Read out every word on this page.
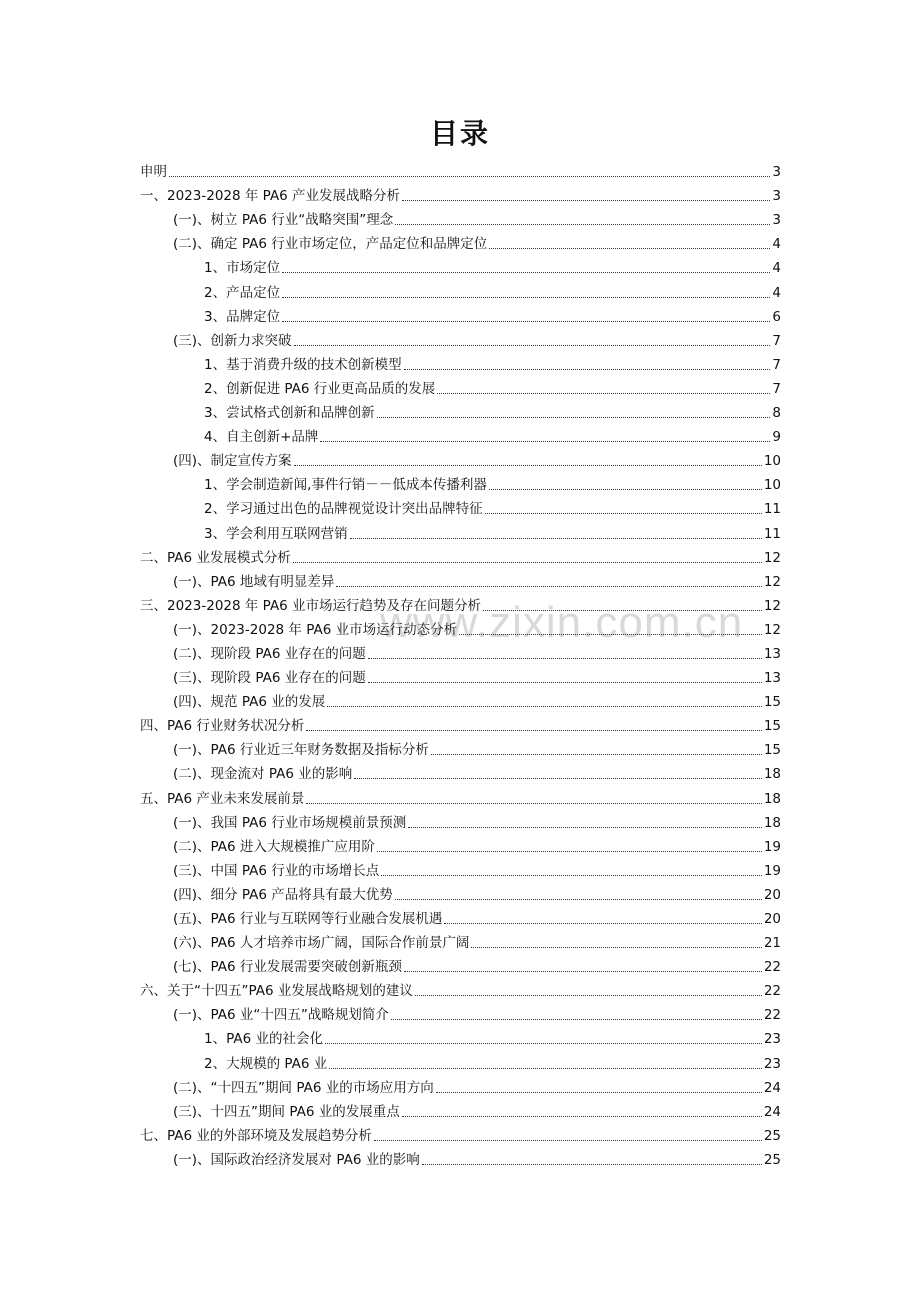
目录
www.zixin.com.cn
申明	3
一、2023-2028 年 PA6 产业发展战略分析	3
(一)、树立 PA6 行业“战略突围”理念	3
(二)、确定 PA6 行业市场定位，产品定位和品牌定位	4
1、市场定位	4
2、产品定位	4
3、品牌定位	6
(三)、创新力求突破	7
1、基于消费升级的技术创新模型	7
2、创新促进 PA6 行业更高品质的发展	7
3、尝试格式创新和品牌创新	8
4、自主创新+品牌	9
(四)、制定宣传方案	10
1、学会制造新闻,事件行销－－低成本传播利器	10
2、学习通过出色的品牌视觉设计突出品牌特征	11
3、学会利用互联网营销	11
二、PA6 业发展模式分析	12
(一)、PA6 地域有明显差异	12
三、2023-2028 年 PA6 业市场运行趋势及存在问题分析	12
(一)、2023-2028 年 PA6 业市场运行动态分析	12
(二)、现阶段 PA6 业存在的问题	13
(三)、现阶段 PA6 业存在的问题	13
(四)、规范 PA6 业的发展	15
四、PA6 行业财务状况分析	15
(一)、PA6 行业近三年财务数据及指标分析	15
(二)、现金流对 PA6 业的影响	18
五、PA6 产业未来发展前景	18
(一)、我国 PA6 行业市场规模前景预测	18
(二)、PA6 进入大规模推广应用阶	19
(三)、中国 PA6 行业的市场增长点	19
(四)、细分 PA6 产品将具有最大优势	20
(五)、PA6 行业与互联网等行业融合发展机遇	20
(六)、PA6 人才培养市场广阔，国际合作前景广阔	21
(七)、PA6 行业发展需要突破创新瓶颈	22
六、关于“十四五”PA6 业发展战略规划的建议	22
(一)、PA6 业“十四五”战略规划简介	22
1、PA6 业的社会化	23
2、大规模的 PA6 业	23
(二)、“十四五”期间 PA6 业的市场应用方向	24
(三)、十四五”期间 PA6 业的发展重点	24
七、PA6 业的外部环境及发展趋势分析	25
(一)、国际政治经济发展对 PA6 业的影响	25
